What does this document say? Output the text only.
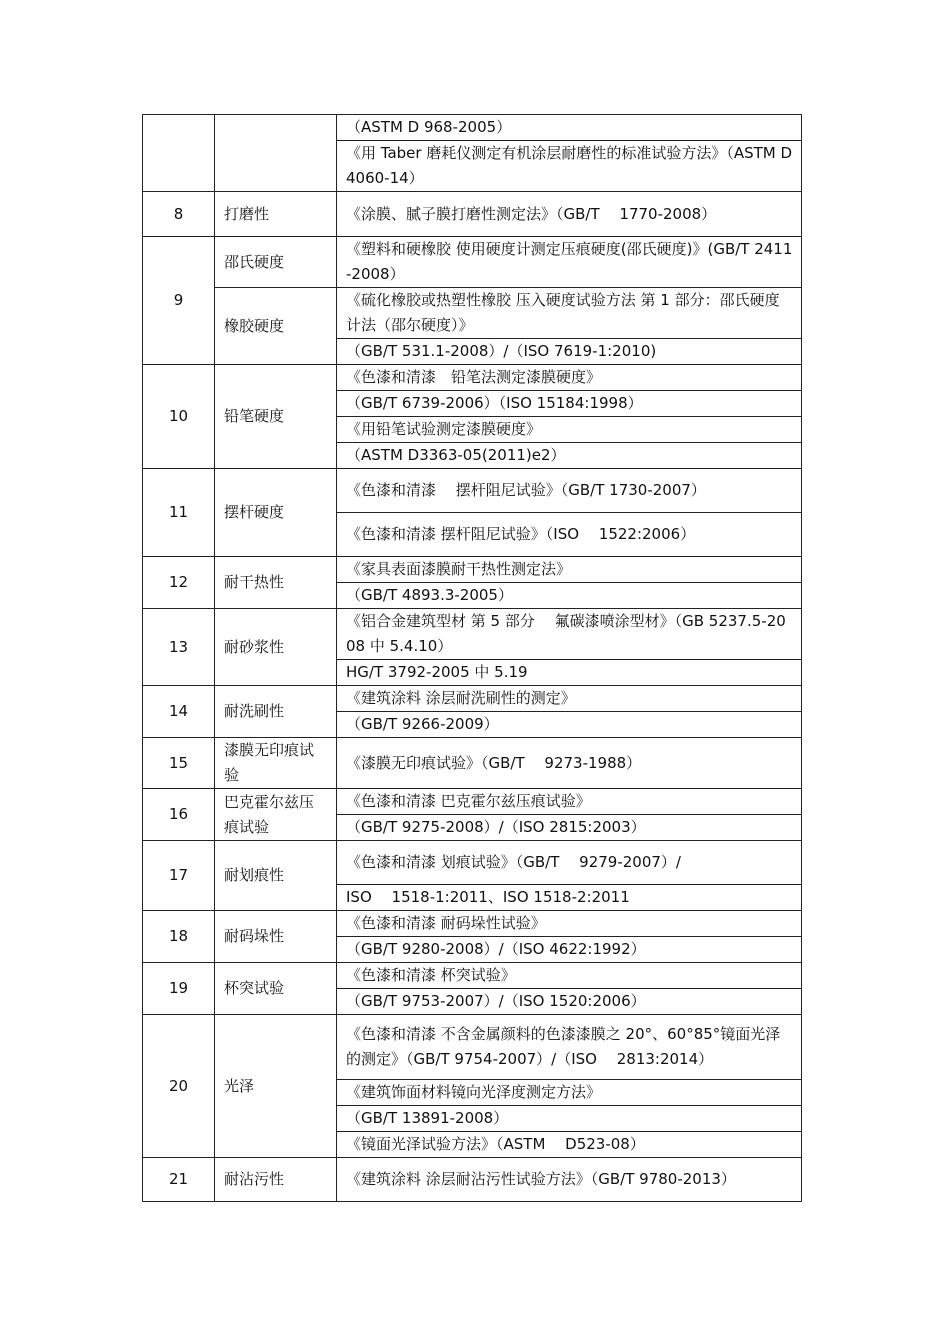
		（ASTM D 968-2005）
		《用 Taber 磨耗仪测定有机涂层耐磨性的标准试验方法》（ASTM D 4060-14）
8	打磨性	《涂膜、腻子膜打磨性测定法》（GB/T　 1770-2008）
9	邵氏硬度	《塑料和硬橡胶 使用硬度计测定压痕硬度(邵氏硬度)》(GB/T 2411-2008）
	橡胶硬度	《硫化橡胶或热塑性橡胶 压入硬度试验方法 第 1 部分：邵氏硬度计法（邵尔硬度）》
		（GB/T 531.1-2008）/（ISO 7619-1:2010)
10	铅笔硬度	《色漆和清漆　铅笔法测定漆膜硬度》
		（GB/T 6739-2006）（ISO 15184:1998）
		《用铅笔试验测定漆膜硬度》
		（ASTM D3363-05(2011)e2）
11	摆杆硬度	《色漆和清漆　 摆杆阻尼试验》（GB/T 1730-2007）
		《色漆和清漆 摆杆阻尼试验》（ISO　 1522:2006）
12	耐干热性	《家具表面漆膜耐干热性测定法》
		（GB/T 4893.3-2005）
13	耐砂浆性	《铝合金建筑型材 第 5 部分　 氟碳漆喷涂型材》（GB 5237.5-2008 中 5.4.10）
		HG/T 3792-2005 中 5.19
14	耐洗刷性	《建筑涂料 涂层耐洗刷性的测定》
		（GB/T 9266-2009）
15	漆膜无印痕试验	《漆膜无印痕试验》（GB/T　 9273-1988）
16	巴克霍尔兹压痕试验	《色漆和清漆 巴克霍尔兹压痕试验》
		（GB/T 9275-2008）/（ISO 2815:2003）
17	耐划痕性	《色漆和清漆 划痕试验》（GB/T　 9279-2007）/
		ISO　 1518-1:2011、ISO 1518-2:2011
18	耐码垛性	《色漆和清漆 耐码垛性试验》
		（GB/T 9280-2008）/（ISO 4622:1992）
19	杯突试验	《色漆和清漆 杯突试验》
		（GB/T 9753-2007）/（ISO 1520:2006）
20	光泽	《色漆和清漆 不含金属颜料的色漆漆膜之 20°、60°85°镜面光泽的测定》（GB/T 9754-2007）/（ISO　 2813:2014）
		《建筑饰面材料镜向光泽度测定方法》
		（GB/T 13891-2008）
		《镜面光泽试验方法》（ASTM　 D523-08）
21	耐沾污性	《建筑涂料 涂层耐沾污性试验方法》（GB/T 9780-2013）
